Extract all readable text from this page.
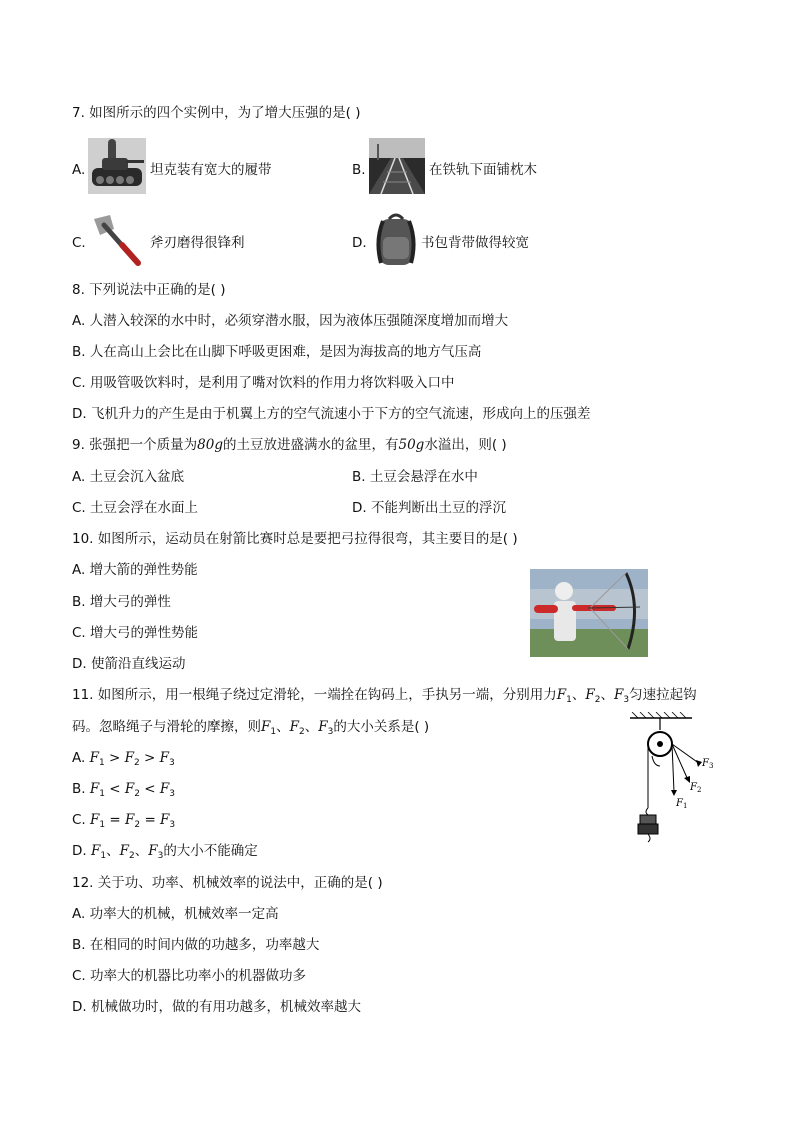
7. 如图所示的四个实例中，为了增大压强的是( )
A.	坦克装有宽大的履带	B.	在铁轨下面铺枕木
C.	斧刃磨得很锋利	D.	书包背带做得较宽
8. 下列说法中正确的是( )
A. 人潜入较深的水中时，必须穿潜水服，因为液体压强随深度增加而增大
B. 人在高山上会比在山脚下呼吸更困难，是因为海拔高的地方气压高
C. 用吸管吸饮料时，是利用了嘴对饮料的作用力将饮料吸入口中
D. 飞机升力的产生是由于机翼上方的空气流速小于下方的空气流速，形成向上的压强差
9. 张强把一个质量为80g的土豆放进盛满水的盆里，有50g水溢出，则( )
A. 土豆会沉入盆底	B. 土豆会悬浮在水中
C. 土豆会浮在水面上	D. 不能判断出土豆的浮沉
10. 如图所示，运动员在射箭比赛时总是要把弓拉得很弯，其主要目的是( )
A. 增大箭的弹性势能
B. 增大弓的弹性
C. 增大弓的弹性势能
D. 使箭沿直线运动
11. 如图所示，用一根绳子绕过定滑轮，一端拴在钩码上，手执另一端，分别用力$F_1$、$F_2$、$F_3$匀速拉起钩
码。忽略绳子与滑轮的摩擦，则$F_1$、$F_2$、$F_3$的大小关系是( )
A. $F_1 > F_2 > F_3$
B. $F_1 < F_2 < F_3$
C. $F_1 = F_2 = F_3$
D. $F_1$、$F_2$、$F_3$的大小不能确定
$F_1$
$F_2$
$F_3$
12. 关于功、功率、机械效率的说法中，正确的是( )
A. 功率大的机械，机械效率一定高
B. 在相同的时间内做的功越多，功率越大
C. 功率大的机器比功率小的机器做功多
D. 机械做功时，做的有用功越多，机械效率越大
